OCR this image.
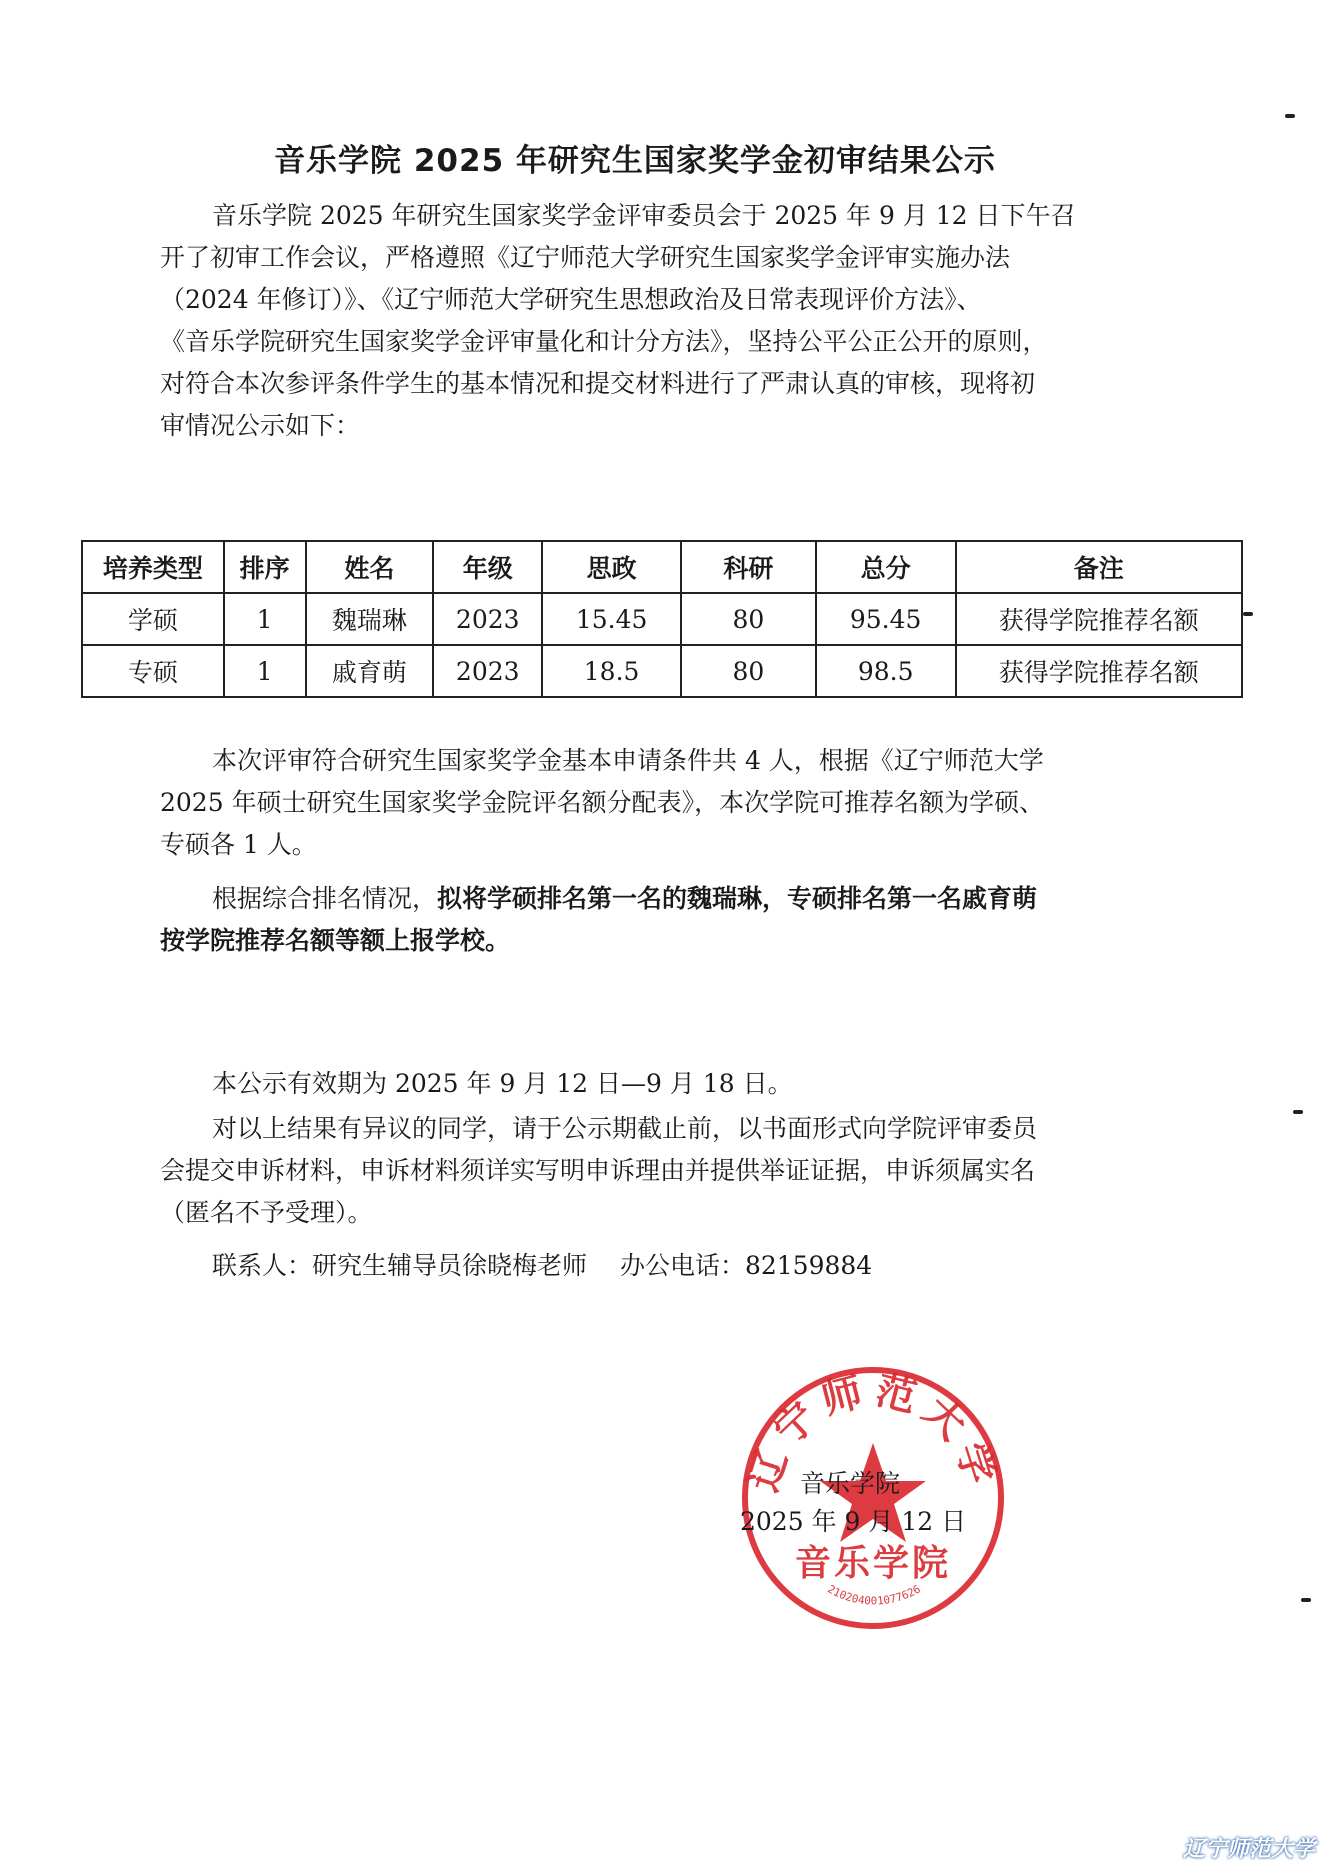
音乐学院 2025 年研究生国家奖学金初审结果公示

音乐学院 2025 年研究生国家奖学金评审委员会于 2025 年 9 月 12 日下午召
开了初审工作会议，严格遵照《辽宁师范大学研究生国家奖学金评审实施办法
（2024 年修订）》、《辽宁师范大学研究生思想政治及日常表现评价方法》、
《音乐学院研究生国家奖学金评审量化和计分方法》，坚持公平公正公开的原则，
对符合本次参评条件学生的基本情况和提交材料进行了严肃认真的审核，现将初
审情况公示如下：

培养类型	排序	姓名	年级	思政	科研	总分	备注
学硕	1	魏瑞琳	2023	15.45	80	95.45	获得学院推荐名额
专硕	1	戚育萌	2023	18.5	80	98.5	获得学院推荐名额

本次评审符合研究生国家奖学金基本申请条件共 4 人，根据《辽宁师范大学
2025 年硕士研究生国家奖学金院评名额分配表》，本次学院可推荐名额为学硕、
专硕各 1 人。

根据综合排名情况，拟将学硕排名第一名的魏瑞琳，专硕排名第一名戚育萌
按学院推荐名额等额上报学校。

本公示有效期为 2025 年 9 月 12 日—9 月 18 日。

对以上结果有异议的同学，请于公示期截止前，以书面形式向学院评审委员
会提交申诉材料，申诉材料须详实写明申诉理由并提供举证证据，申诉须属实名
（匿名不予受理）。

联系人：研究生辅导员徐晓梅老师　 办公电话：82159884

辽宁师范大学
音乐学院
2102040010776​26
音乐学院
2025 年 9 月 12 日
辽宁师范大学
